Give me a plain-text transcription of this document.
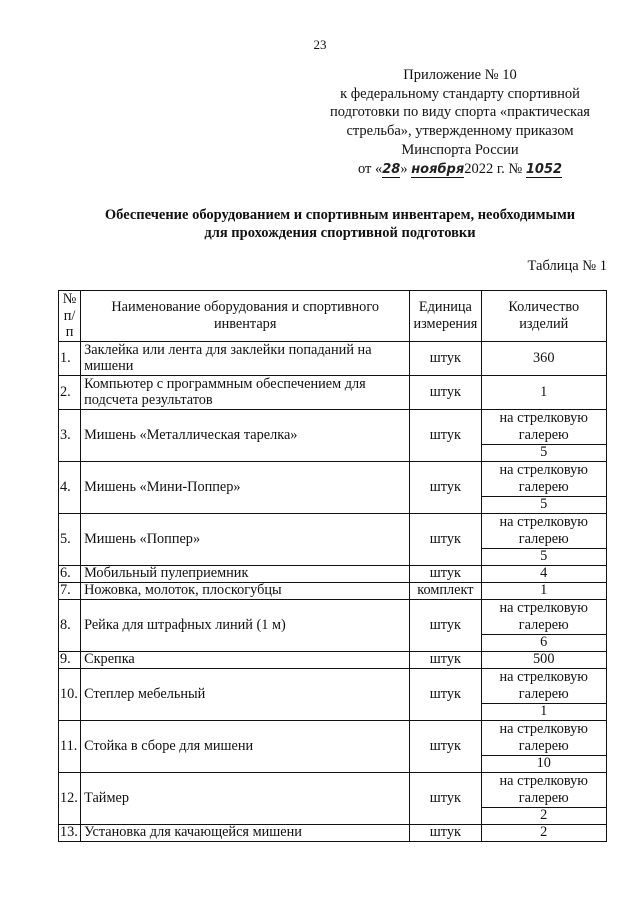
23
Приложение № 10
к федеральному стандарту спортивной
подготовки по виду спорта «практическая
стрельба», утвержденному приказом
Минспорта России
от «28» ноября2022 г. № 1052
Обеспечение оборудованием и спортивным инвентарем, необходимыми
для прохождения спортивной подготовки
Таблица № 1
№ п/п	Наименование оборудования и спортивного инвентаря	Единица измерения	Количество изделий
1.	Заклейка или лента для заклейки попаданий на мишени	штук	360
2.	Компьютер с программным обеспечением для подсчета результатов	штук	1
3.	Мишень «Металлическая тарелка»	штук	на стрелковую галерею
			5
4.	Мишень «Мини-Поппер»	штук	на стрелковую галерею
			5
5.	Мишень «Поппер»	штук	на стрелковую галерею
			5
6.	Мобильный пулеприемник	штук	4
7.	Ножовка, молоток, плоскогубцы	комплект	1
8.	Рейка для штрафных линий (1 м)	штук	на стрелковую галерею
			6
9.	Скрепка	штук	500
10.	Степлер мебельный	штук	на стрелковую галерею
			1
11.	Стойка в сборе для мишени	штук	на стрелковую галерею
			10
12.	Таймер	штук	на стрелковую галерею
			2
13.	Установка для качающейся мишени	штук	2
